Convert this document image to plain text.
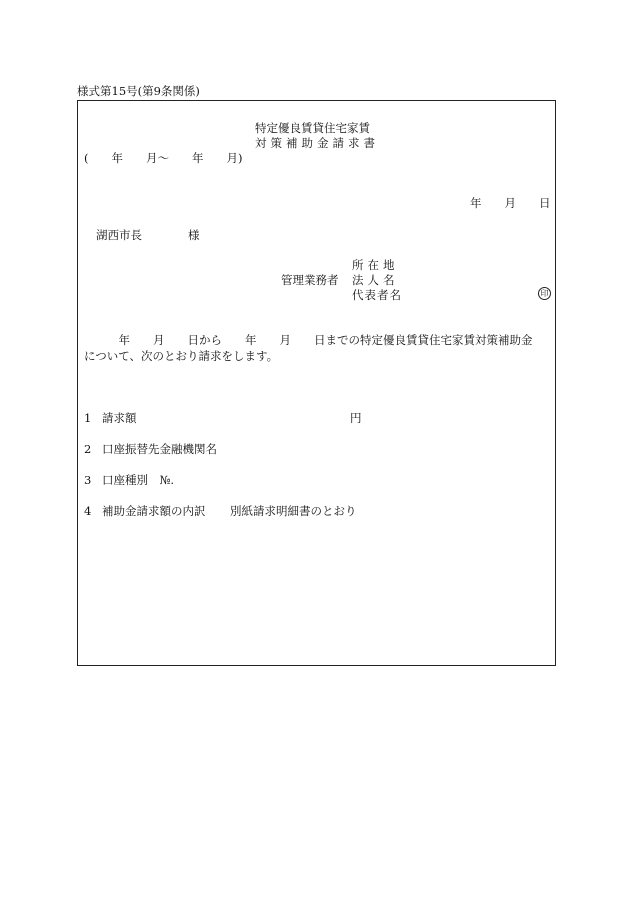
様式第15号(第9条関係)
特定優良賃貸住宅家賃
対策補助金請求書
(　　年　　月～　　年　　月)
年　　月　　日
湖西市長　　　　様
所在地
管理業務者 法人名
代表者名	印
　　　年　　月　　日から　　年　　月　　日までの特定優良賃貸住宅家賃対策補助金
について、次のとおり請求をします。
1 請求額	円
2 口座振替先金融機関名
3 口座種別　№.
4 補助金請求額の内訳 別紙請求明細書のとおり
